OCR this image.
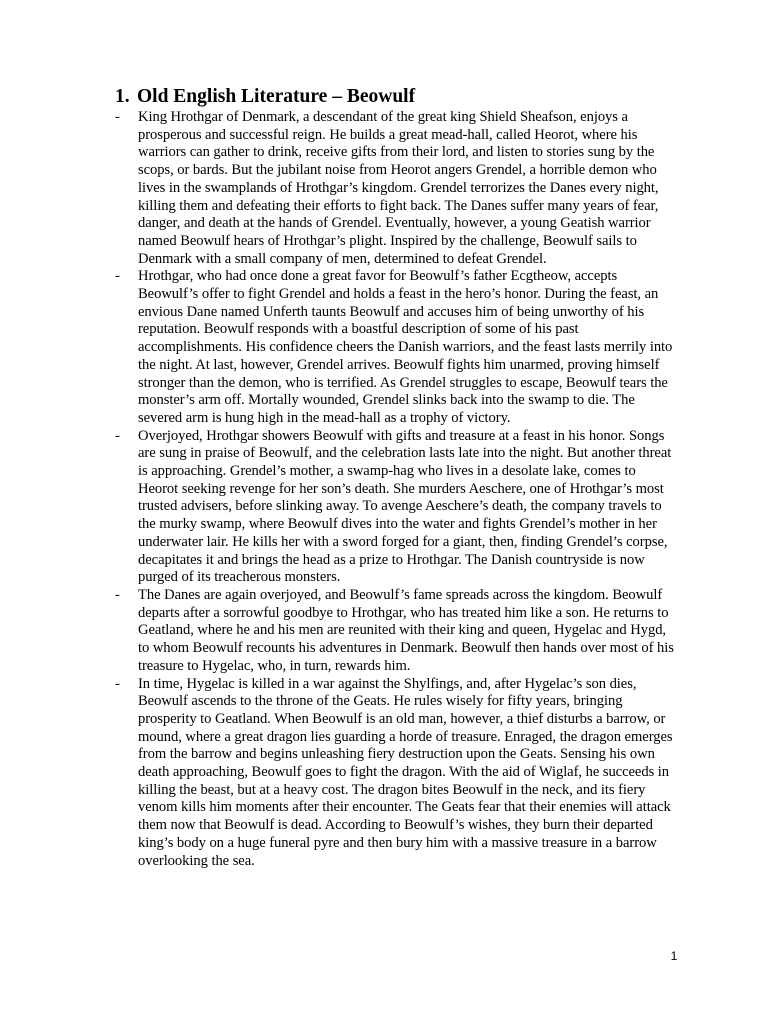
1. Old English Literature – Beowulf
- King Hrothgar of Denmark, a descendant of the great king Shield Sheafson, enjoys a prosperous and successful reign. He builds a great mead-hall, called Heorot, where his warriors can gather to drink, receive gifts from their lord, and listen to stories sung by the scops, or bards. But the jubilant noise from Heorot angers Grendel, a horrible demon who lives in the swamplands of Hrothgar’s kingdom. Grendel terrorizes the Danes every night, killing them and defeating their efforts to fight back. The Danes suffer many years of fear, danger, and death at the hands of Grendel. Eventually, however, a young Geatish warrior named Beowulf hears of Hrothgar’s plight. Inspired by the challenge, Beowulf sails to Denmark with a small company of men, determined to defeat Grendel.
- Hrothgar, who had once done a great favor for Beowulf’s father Ecgtheow, accepts Beowulf’s offer to fight Grendel and holds a feast in the hero’s honor. During the feast, an envious Dane named Unferth taunts Beowulf and accuses him of being unworthy of his reputation. Beowulf responds with a boastful description of some of his past accomplishments. His confidence cheers the Danish warriors, and the feast lasts merrily into the night. At last, however, Grendel arrives. Beowulf fights him unarmed, proving himself stronger than the demon, who is terrified. As Grendel struggles to escape, Beowulf tears the monster’s arm off. Mortally wounded, Grendel slinks back into the swamp to die. The severed arm is hung high in the mead-hall as a trophy of victory.
- Overjoyed, Hrothgar showers Beowulf with gifts and treasure at a feast in his honor. Songs are sung in praise of Beowulf, and the celebration lasts late into the night. But another threat is approaching. Grendel’s mother, a swamp-hag who lives in a desolate lake, comes to Heorot seeking revenge for her son’s death. She murders Aeschere, one of Hrothgar’s most trusted advisers, before slinking away. To avenge Aeschere’s death, the company travels to the murky swamp, where Beowulf dives into the water and fights Grendel’s mother in her underwater lair. He kills her with a sword forged for a giant, then, finding Grendel’s corpse, decapitates it and brings the head as a prize to Hrothgar. The Danish countryside is now purged of its treacherous monsters.
- The Danes are again overjoyed, and Beowulf’s fame spreads across the kingdom. Beowulf departs after a sorrowful goodbye to Hrothgar, who has treated him like a son. He returns to Geatland, where he and his men are reunited with their king and queen, Hygelac and Hygd, to whom Beowulf recounts his adventures in Denmark. Beowulf then hands over most of his treasure to Hygelac, who, in turn, rewards him.
- In time, Hygelac is killed in a war against the Shylfings, and, after Hygelac’s son dies, Beowulf ascends to the throne of the Geats. He rules wisely for fifty years, bringing prosperity to Geatland. When Beowulf is an old man, however, a thief disturbs a barrow, or mound, where a great dragon lies guarding a horde of treasure. Enraged, the dragon emerges from the barrow and begins unleashing fiery destruction upon the Geats. Sensing his own death approaching, Beowulf goes to fight the dragon. With the aid of Wiglaf, he succeeds in killing the beast, but at a heavy cost. The dragon bites Beowulf in the neck, and its fiery venom kills him moments after their encounter. The Geats fear that their enemies will attack them now that Beowulf is dead. According to Beowulf’s wishes, they burn their departed king’s body on a huge funeral pyre and then bury him with a massive treasure in a barrow overlooking the sea.
1
